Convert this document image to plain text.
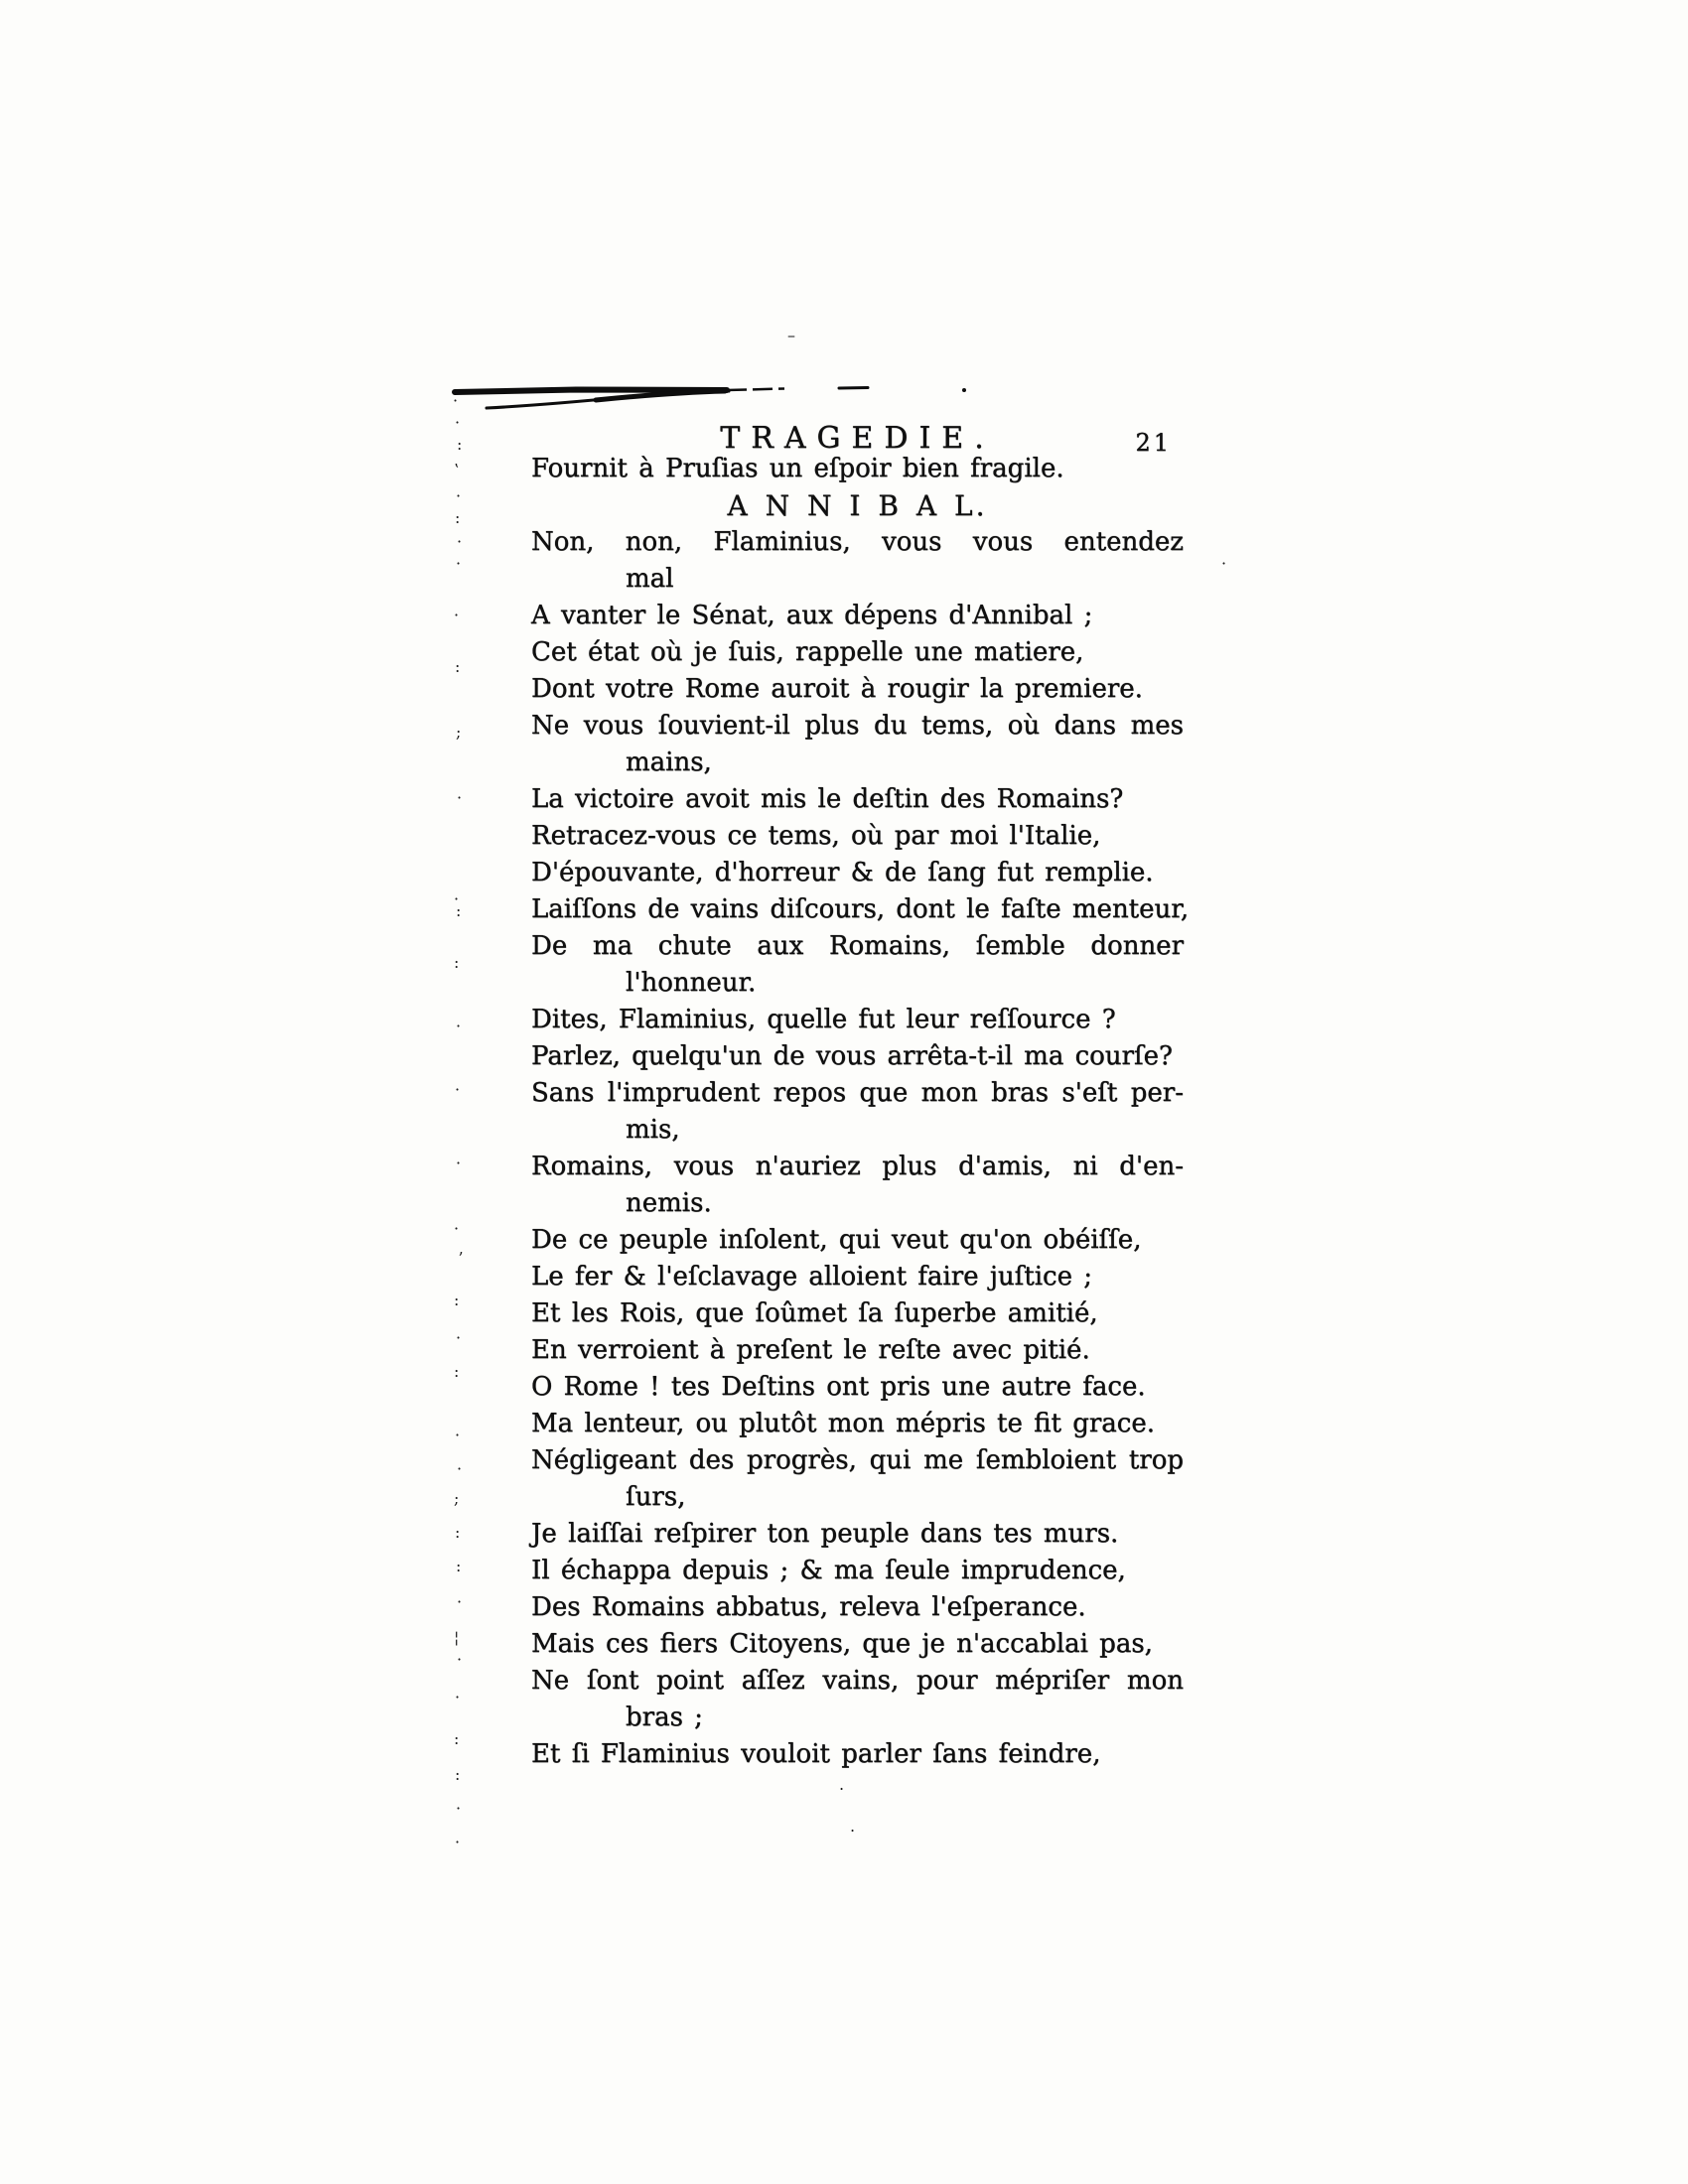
TRAGEDIE.	21
Fournit à Pruſias un eſpoir bien fragile.
A N N I B A L.
Non, non, Flaminius, vous vous entendez
mal
A vanter le Sénat, aux dépens d'Annibal ;
Cet état où je ſuis, rappelle une matiere,
Dont votre Rome auroit à rougir la premiere.
Ne vous ſouvient-il plus du tems, où dans mes
mains,
La victoire avoit mis le deſtin des Romains?
Retracez-vous ce tems, où par moi l'Italie,
D'épouvante, d'horreur & de ſang fut remplie.
Laiſſons de vains diſcours, dont le faſte menteur,
De ma chute aux Romains, ſemble donner
l'honneur.
Dites, Flaminius, quelle fut leur reſſource ?
Parlez, quelqu'un de vous arrêta-t-il ma courſe?
Sans l'imprudent repos que mon bras s'eſt per-
mis,
Romains, vous n'auriez plus d'amis, ni d'en-
nemis.
De ce peuple inſolent, qui veut qu'on obéiſſe,
Le fer & l'eſclavage alloient faire juſtice ;
Et les Rois, que ſoûmet ſa ſuperbe amitié,
En verroient à preſent le reſte avec pitié.
O Rome ! tes Deſtins ont pris une autre face.
Ma lenteur, ou plutôt mon mépris te fit grace.
Négligeant des progrès, qui me ſembloient trop
ſurs,
Je laiſſai reſpirer ton peuple dans tes murs.
Il échappa depuis ; & ma ſeule imprudence,
Des Romains abbatus, releva l'eſperance.
Mais ces fiers Citoyens, que je n'accablai pas,
Ne ſont point aſſez vains, pour mépriſer mon
bras ;
Et ſi Flaminius vouloit parler ſans feindre,
·
·
:
ʽ
·
:
·
·
·
:
;
·
·
:
:
·
·
·
·
ʼ
:
·
:
·
·
;
:
:
·
¦
·
·
:
:
·
·
.
.
·
–
